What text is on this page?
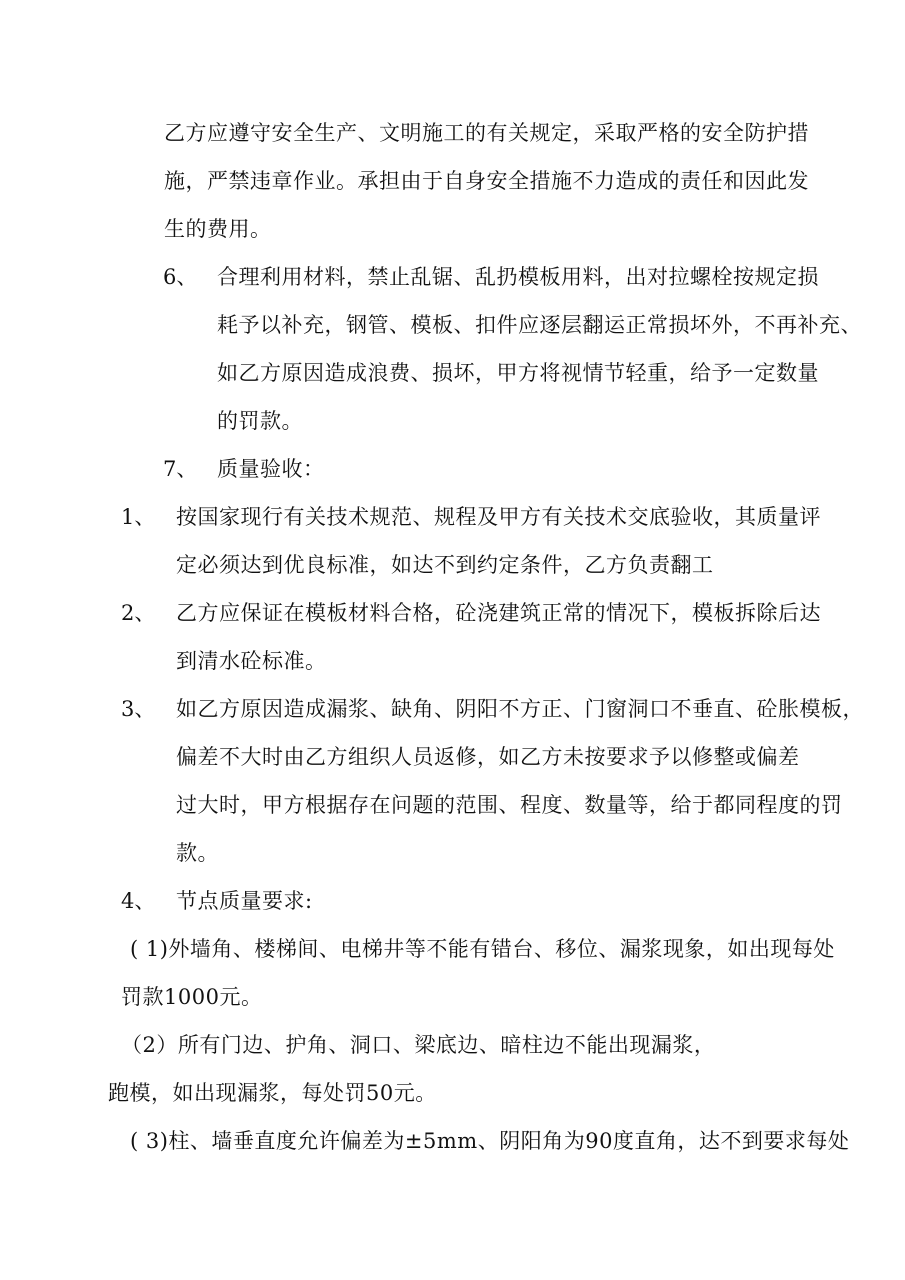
乙方应遵守安全生产、文明施工的有关规定，采取严格的安全防护措
施，严禁违章作业。承担由于自身安全措施不力造成的责任和因此发
生的费用。
6、 合理利用材料，禁止乱锯、乱扔模板用料，出对拉螺栓按规定损
耗予以补充，钢管、模板、扣件应逐层翻运正常损坏外，不再补充、
如乙方原因造成浪费、损坏，甲方将视情节轻重，给予一定数量
的罚款。
7、 质量验收：
1、 按国家现行有关技术规范、规程及甲方有关技术交底验收，其质量评
定必须达到优良标准，如达不到约定条件，乙方负责翻工
2、 乙方应保证在模板材料合格，砼浇建筑正常的情况下，模板拆除后达
到清水砼标准。
3、 如乙方原因造成漏浆、缺角、阴阳不方正、门窗洞口不垂直、砼胀模板，
偏差不大时由乙方组织人员返修，如乙方未按要求予以修整或偏差
过大时，甲方根据存在问题的范围、程度、数量等，给于都同程度的罚
款。
4、 节点质量要求:
( 1)外墙角、楼梯间、电梯井等不能有错台、移位、漏浆现象，如出现每处
罚款1000元。
（2）所有门边、护角、洞口、梁底边、暗柱边不能出现漏浆，
跑模，如出现漏浆，每处罚50元。
( 3)柱、墙垂直度允许偏差为±5mm、阴阳角为90度直角，达不到要求每处
